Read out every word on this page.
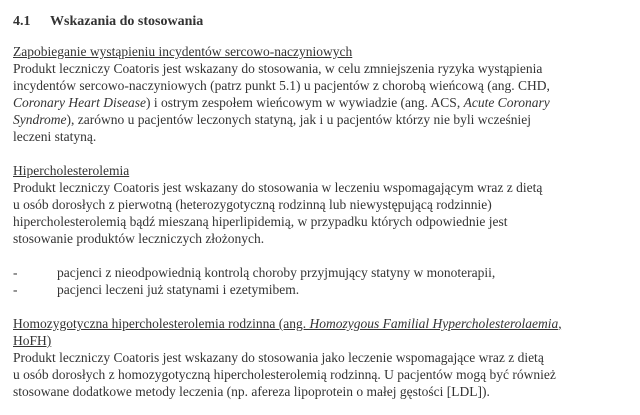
4.1 Wskazania do stosowania
Zapobieganie wystąpieniu incydentów sercowo-naczyniowych
Produkt leczniczy Coatoris jest wskazany do stosowania, w celu zmniejszenia ryzyka wystąpienia
incydentów sercowo-naczyniowych (patrz punkt 5.1) u pacjentów z chorobą wieńcową (ang. CHD,
Coronary Heart Disease) i ostrym zespołem wieńcowym w wywiadzie (ang. ACS, Acute Coronary
Syndrome), zarówno u pacjentów leczonych statyną, jak i u pacjentów którzy nie byli wcześniej
leczeni statyną.
Hipercholesterolemia
Produkt leczniczy Coatoris jest wskazany do stosowania w leczeniu wspomagającym wraz z dietą
u osób dorosłych z pierwotną (heterozygotyczną rodzinną lub niewystępującą rodzinnie)
hipercholesterolemią bądź mieszaną hiperlipidemią, w przypadku których odpowiednie jest
stosowanie produktów leczniczych złożonych.
-	pacjenci z nieodpowiednią kontrolą choroby przyjmujący statyny w monoterapii,
-	pacjenci leczeni już statynami i ezetymibem.
Homozygotyczna hipercholesterolemia rodzinna (ang. Homozygous Familial Hypercholesterolaemia,
HoFH)
Produkt leczniczy Coatoris jest wskazany do stosowania jako leczenie wspomagające wraz z dietą
u osób dorosłych z homozygotyczną hipercholesterolemią rodzinną. U pacjentów mogą być również
stosowane dodatkowe metody leczenia (np. afereza lipoprotein o małej gęstości [LDL]).
